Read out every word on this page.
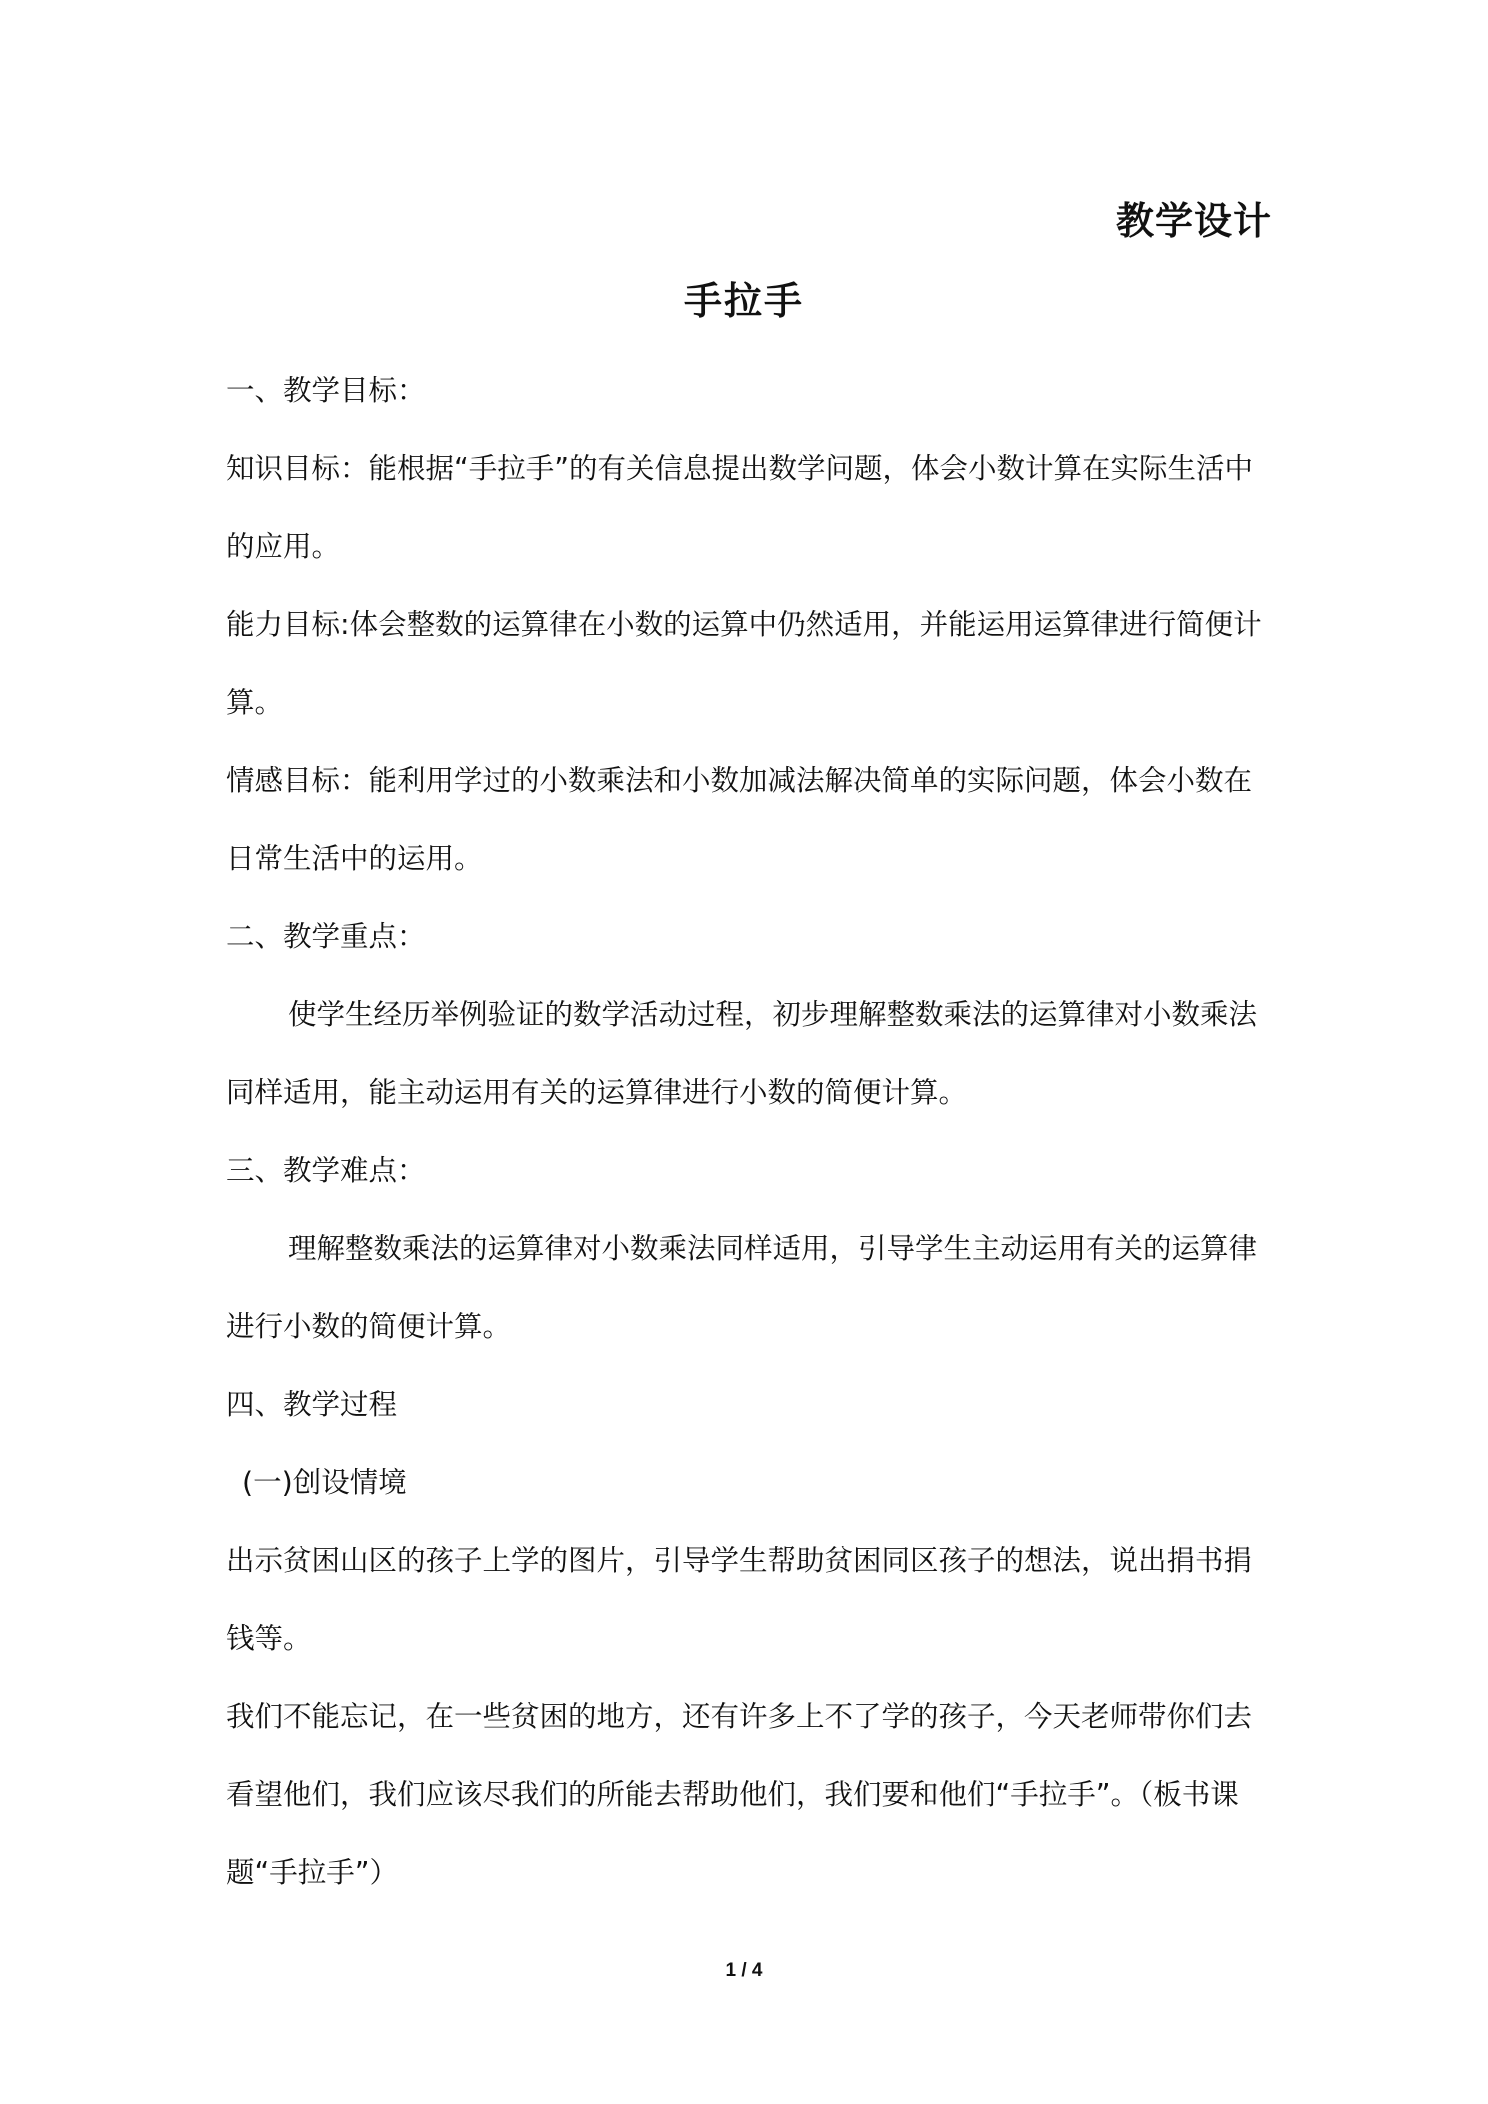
教学设计
手拉手

一、教学目标：

知识目标：能根据“手拉手”的有关信息提出数学问题，体会小数计算在实际生活中的应用。

能力目标:体会整数的运算律在小数的运算中仍然适用，并能运用运算律进行简便计算。

情感目标：能利用学过的小数乘法和小数加减法解决简单的实际问题，体会小数在日常生活中的运用。

二、教学重点：

使学生经历举例验证的数学活动过程，初步理解整数乘法的运算律对小数乘法同样适用，能主动运用有关的运算律进行小数的简便计算。

三、教学难点：

理解整数乘法的运算律对小数乘法同样适用，引导学生主动运用有关的运算律进行小数的简便计算。

四、教学过程

(一)创设情境

出示贫困山区的孩子上学的图片，引导学生帮助贫困同区孩子的想法，说出捐书捐钱等。

我们不能忘记，在一些贫困的地方，还有许多上不了学的孩子，今天老师带你们去看望他们，我们应该尽我们的所能去帮助他们，我们要和他们“手拉手”。（板书课题“手拉手”）

1 / 4
